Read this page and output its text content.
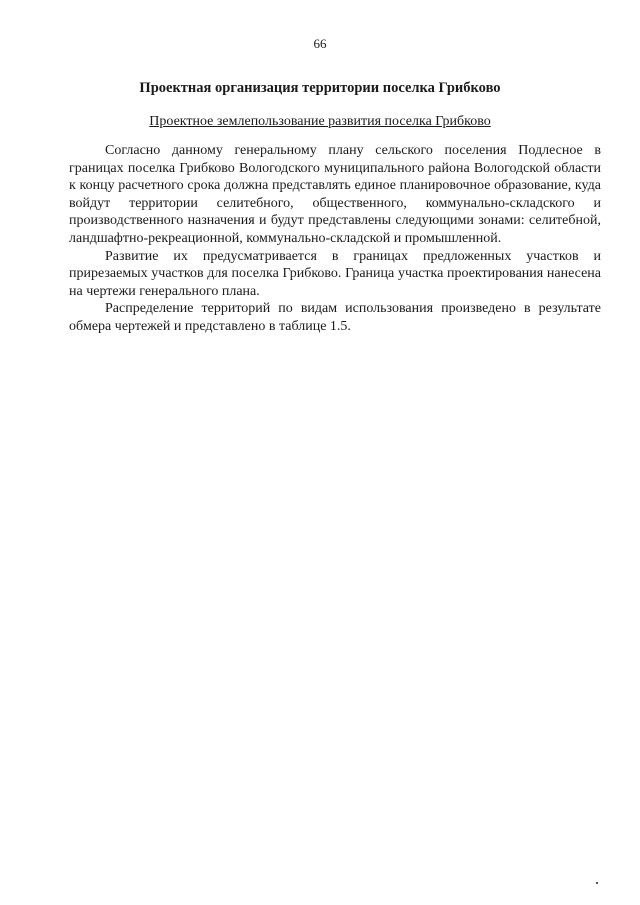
66
Проектная организация территории поселка Грибково
Проектное землепользование развития поселка Грибково

Согласно данному генеральному плану сельского поселения Подлесное в границах поселка Грибково Вологодского муниципального района Вологодской области к концу расчетного срока должна представлять единое планировочное образование, куда войдут территории селитебного, общественного, коммунально-складского и производственного назначения и будут представлены следующими зонами: селитебной, ландшафтно-рекреационной, коммунально-складской и промышленной.

Развитие их предусматривается в границах предложенных участков и прирезаемых участков для поселка Грибково. Граница участка проектирования нанесена на чертежи генерального плана.

Распределение территорий по видам использования произведено в результате обмера чертежей и представлено в таблице 1.5.
